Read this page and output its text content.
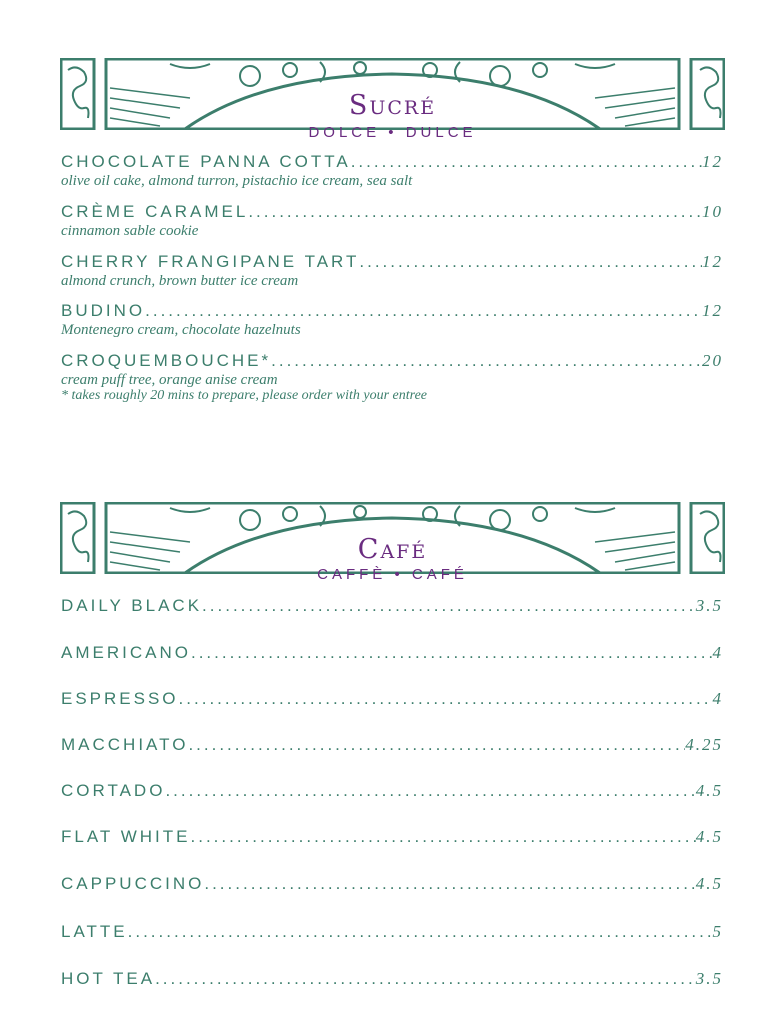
Sucré
DOLCE • DULCE
CHOCOLATE PANNA COTTA .....	12
olive oil cake, almond turron, pistachio ice cream, sea salt
CRÈME CARAMEL .....	10
cinnamon sable cookie
CHERRY FRANGIPANE TART .....	12
almond crunch, brown butter ice cream
BUDINO .....	12
Montenegro cream, chocolate hazelnuts
CROQUEMBOUCHE* .....	20
cream puff tree, orange anise cream
* takes roughly 20 mins to prepare, please order with your entree
Café
CAFFÈ • CAFÉ
DAILY BLACK .....	3.5
AMERICANO .....	4
ESPRESSO .....	4
MACCHIATO .....	4.25
CORTADO .....	4.5
FLAT WHITE .....	4.5
CAPPUCCINO .....	4.5
LATTE .....	5
HOT TEA .....	3.5
